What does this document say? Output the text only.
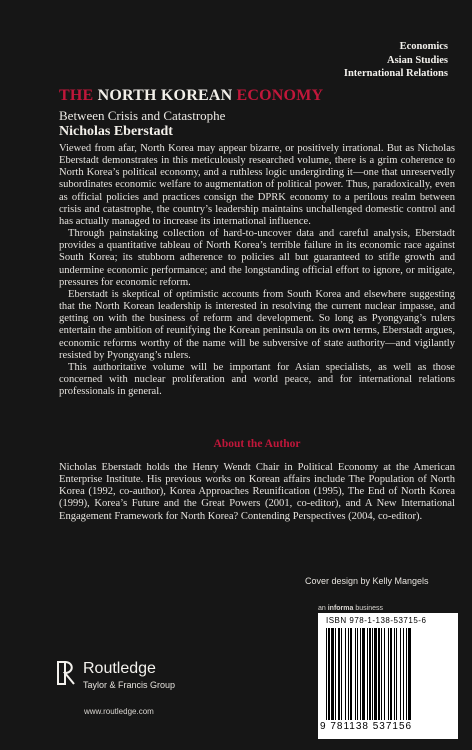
Economics
Asian Studies
International Relations
THE NORTH KOREAN ECONOMY
Between Crisis and Catastrophe
Nicholas Eberstadt

Viewed from afar, North Korea may appear bizarre, or positively irrational. But as Nicholas Eberstadt demonstrates in this meticulously researched volume, there is a grim coherence to North Korea’s political economy, and a ruthless logic undergirding it—one that unreservedly subordinates economic welfare to augmentation of political power. Thus, paradoxically, even as official policies and practices consign the DPRK economy to a perilous realm between crisis and catastrophe, the country’s leadership maintains unchallenged domestic control and has actually managed to increase its international influence.

Through painstaking collection of hard-to-uncover data and careful analysis, Eberstadt provides a quantitative tableau of North Korea’s terrible failure in its economic race against South Korea; its stubborn adherence to policies all but guaranteed to stifle growth and undermine economic performance; and the longstanding official effort to ignore, or mitigate, pressures for economic reform.

Eberstadt is skeptical of optimistic accounts from South Korea and elsewhere suggesting that the North Korean leadership is interested in resolving the current nuclear impasse, and getting on with the business of reform and development. So long as Pyongyang’s rulers entertain the ambition of reunifying the Korean peninsula on its own terms, Eberstadt argues, economic reforms worthy of the name will be subversive of state authority—and vigilantly resisted by Pyongyang’s rulers.

This authoritative volume will be important for Asian specialists, as well as those concerned with nuclear proliferation and world peace, and for international relations professionals in general.

About the Author

Nicholas Eberstadt holds the Henry Wendt Chair in Political Economy at the American Enterprise Institute. His previous works on Korean affairs include The Population of North Korea (1992, co-author), Korea Approaches Reunification (1995), The End of North Korea (1999), Korea’s Future and the Great Powers (2001, co-editor), and A New International Engagement Framework for North Korea? Contending Perspectives (2004, co-editor).

Cover design by Kelly Mangels
an informa business
ISBN 978-1-138-53715-6
9 781138 537156
Routledge
Taylor & Francis Group
www.routledge.com
